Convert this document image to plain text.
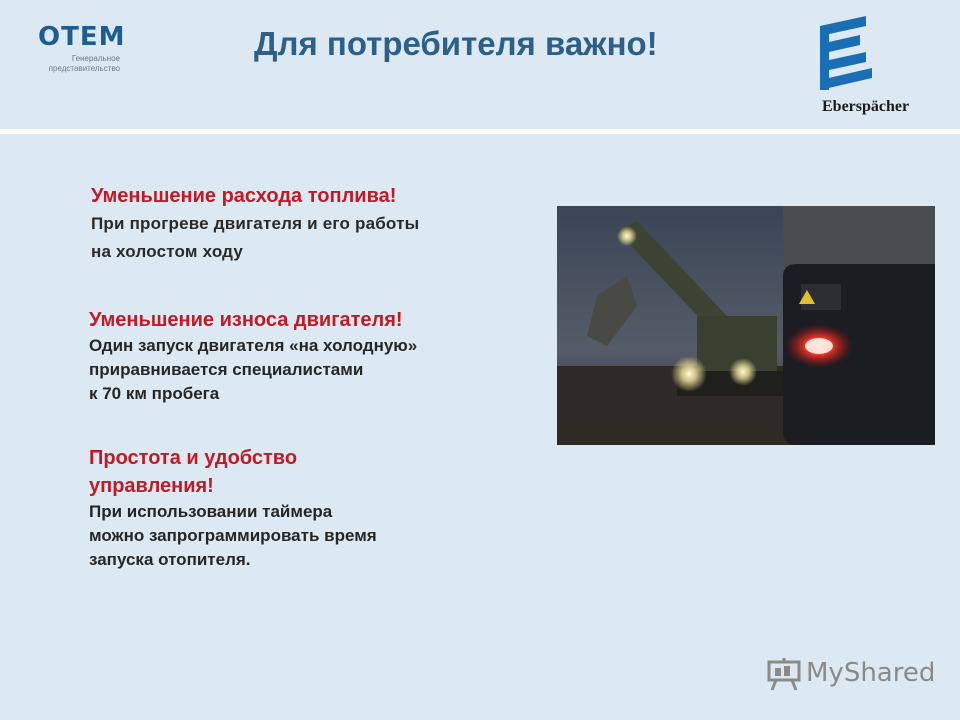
OTEM
Генеральное
представительство
Для потребителя важно!
Eberspächer
Уменьшение расхода топлива!

При прогреве двигателя и его работы

на холостом ходу

Уменьшение износа двигателя!

Один запуск двигателя «на холодную»

приравнивается специалистами

к 70 км пробега

Простота и удобство
управления!

При использовании таймера

можно запрограммировать время

запуска отопителя.

MyShared
